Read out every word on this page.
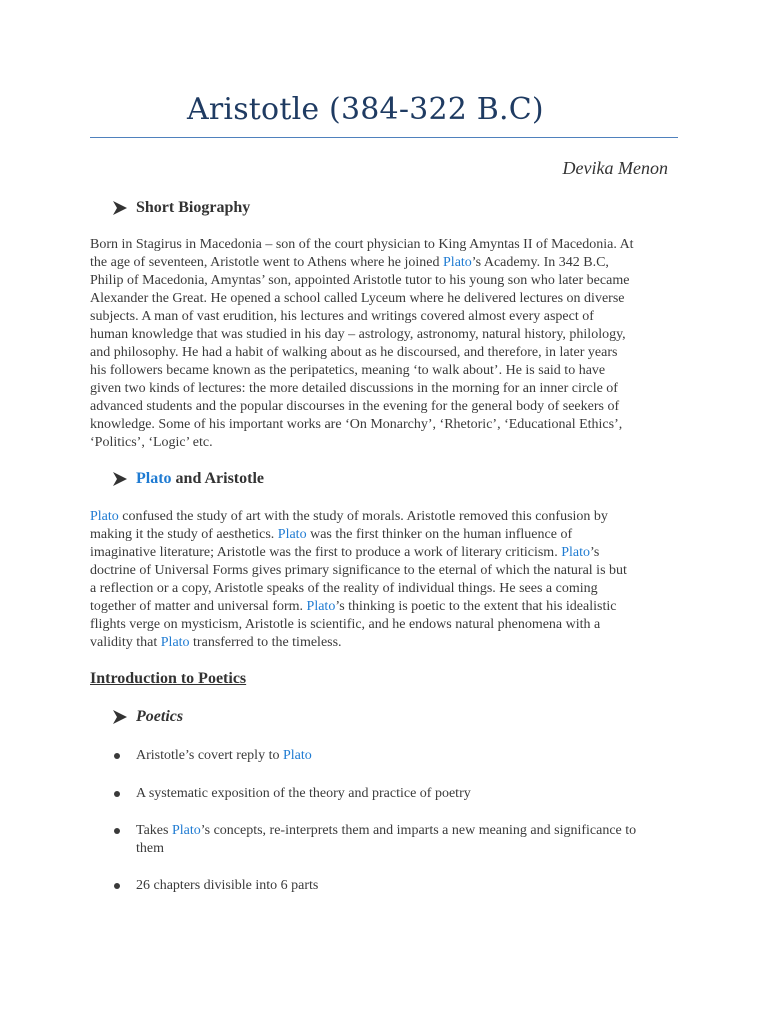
Aristotle (384-322 B.C)
Devika Menon
Short Biography
Born in Stagirus in Macedonia – son of the court physician to King Amyntas II of Macedonia. At
the age of seventeen, Aristotle went to Athens where he joined Plato’s Academy. In 342 B.C,
Philip of Macedonia, Amyntas’ son, appointed Aristotle tutor to his young son who later became
Alexander the Great. He opened a school called Lyceum where he delivered lectures on diverse
subjects. A man of vast erudition, his lectures and writings covered almost every aspect of
human knowledge that was studied in his day – astrology, astronomy, natural history, philology,
and philosophy. He had a habit of walking about as he discoursed, and therefore, in later years
his followers became known as the peripatetics, meaning ‘to walk about’. He is said to have
given two kinds of lectures: the more detailed discussions in the morning for an inner circle of
advanced students and the popular discourses in the evening for the general body of seekers of
knowledge. Some of his important works are ‘On Monarchy’, ‘Rhetoric’, ‘Educational Ethics’,
‘Politics’, ‘Logic’ etc.
Plato and Aristotle
Plato confused the study of art with the study of morals. Aristotle removed this confusion by
making it the study of aesthetics. Plato was the first thinker on the human influence of
imaginative literature; Aristotle was the first to produce a work of literary criticism. Plato’s
doctrine of Universal Forms gives primary significance to the eternal of which the natural is but
a reflection or a copy, Aristotle speaks of the reality of individual things. He sees a coming
together of matter and universal form. Plato’s thinking is poetic to the extent that his idealistic
flights verge on mysticism, Aristotle is scientific, and he endows natural phenomena with a
validity that Plato transferred to the timeless.
Introduction to Poetics
Poetics
Aristotle’s covert reply to Plato
A systematic exposition of the theory and practice of poetry
Takes Plato’s concepts, re-interprets them and imparts a new meaning and significance to
them
26 chapters divisible into 6 parts
